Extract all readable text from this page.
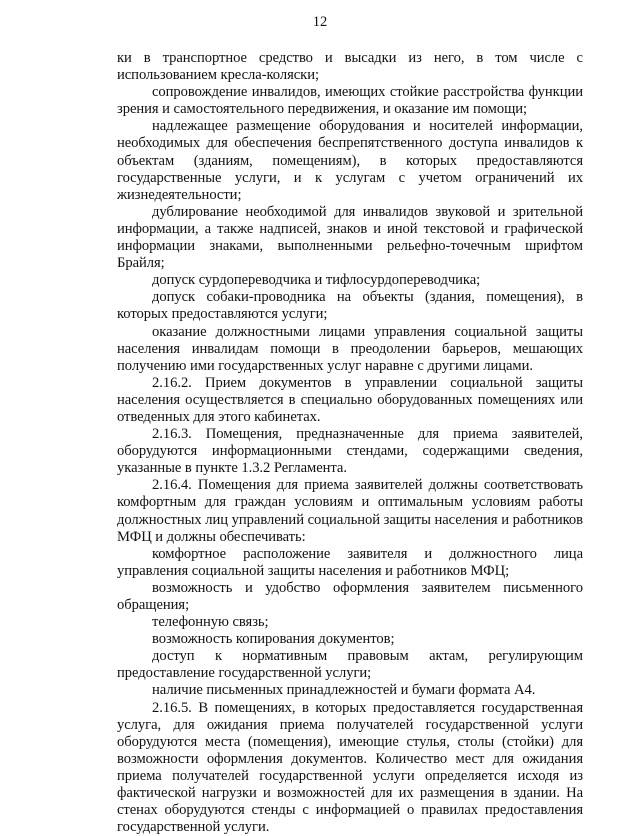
12

ки в транспортное средство и высадки из него, в том числе с использованием кресла-коляски;

сопровождение инвалидов, имеющих стойкие расстройства функции зрения и самостоятельного передвижения, и оказание им помощи;

надлежащее размещение оборудования и носителей информации, необходимых для обеспечения беспрепятственного доступа инвалидов к объектам (зданиям, помещениям), в которых предоставляются государственные услуги, и к услугам с учетом ограничений их жизнедеятельности;

дублирование необходимой для инвалидов звуковой и зрительной информации, а также надписей, знаков и иной текстовой и графической информации знаками, выполненными рельефно-точечным шрифтом Брайля;

допуск сурдопереводчика и тифлосурдопереводчика;

допуск собаки-проводника на объекты (здания, помещения), в которых предоставляются услуги;

оказание должностными лицами управления социальной защиты населения инвалидам помощи в преодолении барьеров, мешающих получению ими государственных услуг наравне с другими лицами.

2.16.2. Прием документов в управлении социальной защиты населения осуществляется в специально оборудованных помещениях или отведенных для этого кабинетах.

2.16.3. Помещения, предназначенные для приема заявителей, оборудуются информационными стендами, содержащими сведения, указанные в пункте 1.3.2 Регламента.

2.16.4. Помещения для приема заявителей должны соответствовать комфортным для граждан условиям и оптимальным условиям работы должностных лиц управлений социальной защиты населения и работников МФЦ и должны обеспечивать:

комфортное расположение заявителя и должностного лица управления социальной защиты населения и работников МФЦ;

возможность и удобство оформления заявителем письменного обращения;

телефонную связь;

возможность копирования документов;

доступ к нормативным правовым актам, регулирующим предоставление государственной услуги;

наличие письменных принадлежностей и бумаги формата А4.

2.16.5. В помещениях, в которых предоставляется государственная услуга, для ожидания приема получателей государственной услуги оборудуются места (помещения), имеющие стулья, столы (стойки) для возможности оформления документов. Количество мест для ожидания приема получателей государственной услуги определяется исходя из фактической нагрузки и возможностей для их размещения в здании. На стенах оборудуются стенды с информацией о правилах предоставления государственной услуги.
